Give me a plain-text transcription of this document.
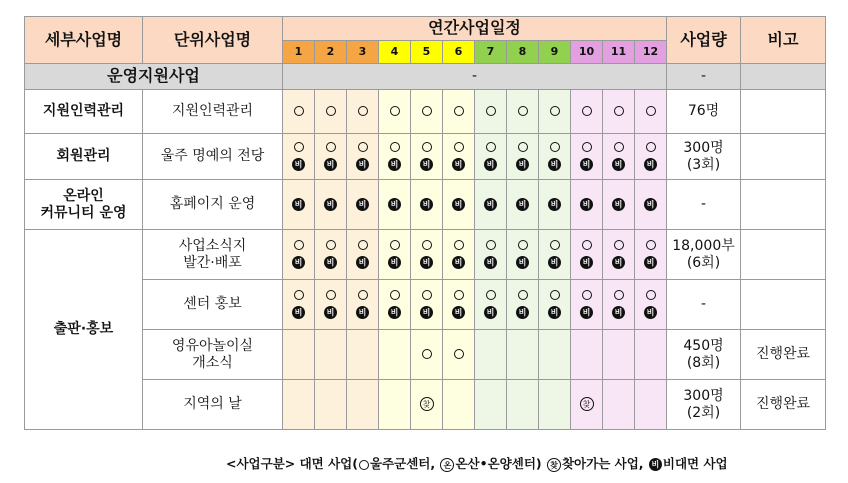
세부사업명	단위사업명	연간사업일정												사업량	비고
		1	2	3	4	5	6	7	8	9	10	11	12		
운영지원사업		-												-	
지원인력관리	지원인력관리													76명	
회원관리	울주 명예의 전당	비	비	비	비	비	비	비	비	비	비	비	비	300명
(3회)	
온라인
커뮤니티 운영	홈페이지 운영	비	비	비	비	비	비	비	비	비	비	비	비	-	
출판·홍보	사업소식지
발간·배포	비	비	비	비	비	비	비	비	비	비	비	비	18,000부
(6회)	
	센터 홍보	비	비	비	비	비	비	비	비	비	비	비	비	-	
	영유아놀이실
개소식													450명
(8회)	진행완료
	지역의 날					찾					찾			300명
(2회)	진행완료
<사업구분> 대면 사업( 울주군센터, 온 온산•온양센터) 찾 찾아가는 사업, 비 비대면 사업
